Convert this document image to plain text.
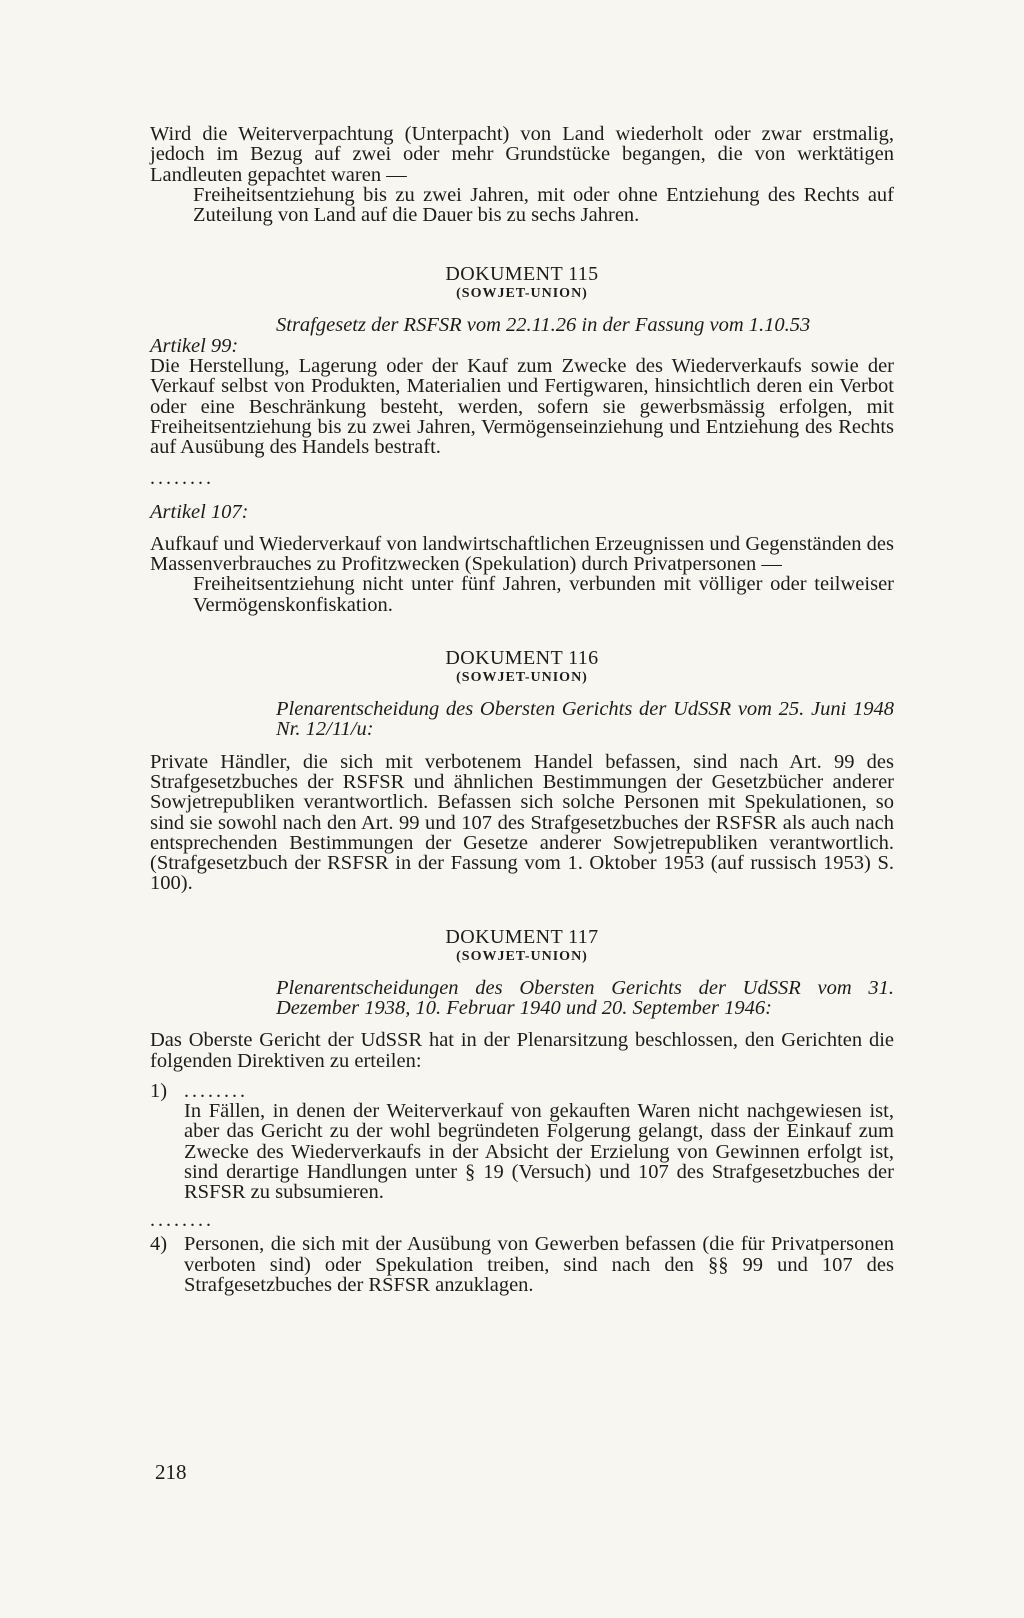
Wird die Weiterverpachtung (Unterpacht) von Land wiederholt oder zwar erstmalig, jedoch im Bezug auf zwei oder mehr Grundstücke begangen, die von werktätigen Landleuten gepachtet waren —

Freiheitsentziehung bis zu zwei Jahren, mit oder ohne Entziehung des Rechts auf Zuteilung von Land auf die Dauer bis zu sechs Jahren.

DOKUMENT 115

(SOWJET-UNION)

Strafgesetz der RSFSR vom 22.11.26 in der Fassung vom 1.10.53

Artikel 99:

Die Herstellung, Lagerung oder der Kauf zum Zwecke des Wiederverkaufs sowie der Verkauf selbst von Produkten, Materialien und Fertigwaren, hinsichtlich deren ein Verbot oder eine Beschränkung besteht, werden, sofern sie gewerbsmässig erfolgen, mit Freiheitsentziehung bis zu zwei Jahren, Vermögenseinziehung und Entziehung des Rechts auf Ausübung des Handels bestraft.

........

Artikel 107:

Aufkauf und Wiederverkauf von landwirtschaftlichen Erzeugnissen und Gegenständen des Massenverbrauches zu Profitzwecken (Spekulation) durch Privatpersonen —

Freiheitsentziehung nicht unter fünf Jahren, verbunden mit völliger oder teilweiser Vermögenskonfiskation.

DOKUMENT 116

(SOWJET-UNION)

Plenarentscheidung des Obersten Gerichts der UdSSR vom 25. Juni 1948 Nr. 12/11/u:

Private Händler, die sich mit verbotenem Handel befassen, sind nach Art. 99 des Strafgesetzbuches der RSFSR und ähnlichen Bestimmungen der Gesetzbücher anderer Sowjetrepubliken verantwortlich. Befassen sich solche Personen mit Spekulationen, so sind sie sowohl nach den Art. 99 und 107 des Strafgesetzbuches der RSFSR als auch nach entsprechenden Bestimmungen der Gesetze anderer Sowjetrepubliken verantwortlich. (Strafgesetzbuch der RSFSR in der Fassung vom 1. Oktober 1953 (auf russisch 1953) S. 100).

DOKUMENT 117

(SOWJET-UNION)

Plenarentscheidungen des Obersten Gerichts der UdSSR vom 31. Dezember 1938, 10. Februar 1940 und 20. September 1946:

Das Oberste Gericht der UdSSR hat in der Plenarsitzung beschlossen, den Gerichten die folgenden Direktiven zu erteilen:

1) ........

In Fällen, in denen der Weiterverkauf von gekauften Waren nicht nachgewiesen ist, aber das Gericht zu der wohl begründeten Folgerung gelangt, dass der Einkauf zum Zwecke des Wiederverkaufs in der Absicht der Erzielung von Gewinnen erfolgt ist, sind derartige Handlungen unter § 19 (Versuch) und 107 des Strafgesetzbuches der RSFSR zu subsumieren.

........

4) Personen, die sich mit der Ausübung von Gewerben befassen (die für Privatpersonen verboten sind) oder Spekulation treiben, sind nach den §§ 99 und 107 des Strafgesetzbuches der RSFSR anzuklagen.

218
